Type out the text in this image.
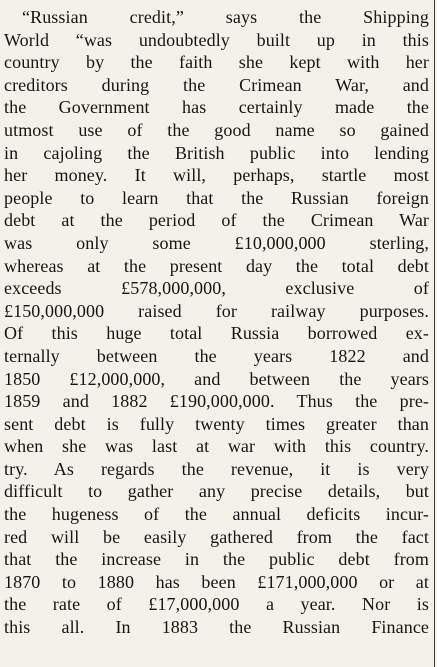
“Russian credit,” says the Shipping
World “was undoubtedly built up in this
country by the faith she kept with her
creditors during the Crimean War, and
the Government has certainly made the
utmost use of the good name so gained
in cajoling the British public into lending
her money. It will, perhaps, startle most
people to learn that the Russian foreign
debt at the period of the Crimean War
was only some £10,000,000 sterling,
whereas at the present day the total debt
exceeds £578,000,000, exclusive of
£150,000,000 raised for railway purposes.
Of this huge total Russia borrowed ex-
ternally between the years 1822 and
1850 £12,000,000, and between the years
1859 and 1882 £190,000,000. Thus the pre-
sent debt is fully twenty times greater than
when she was last at war with this country.
try. As regards the revenue, it is very
difficult to gather any precise details, but
the hugeness of the annual deficits incur-
red will be easily gathered from the fact
that the increase in the public debt from
1870 to 1880 has been £171,000,000 or at
the rate of £17,000,000 a year. Nor is
this all. In 1883 the Russian Finance
